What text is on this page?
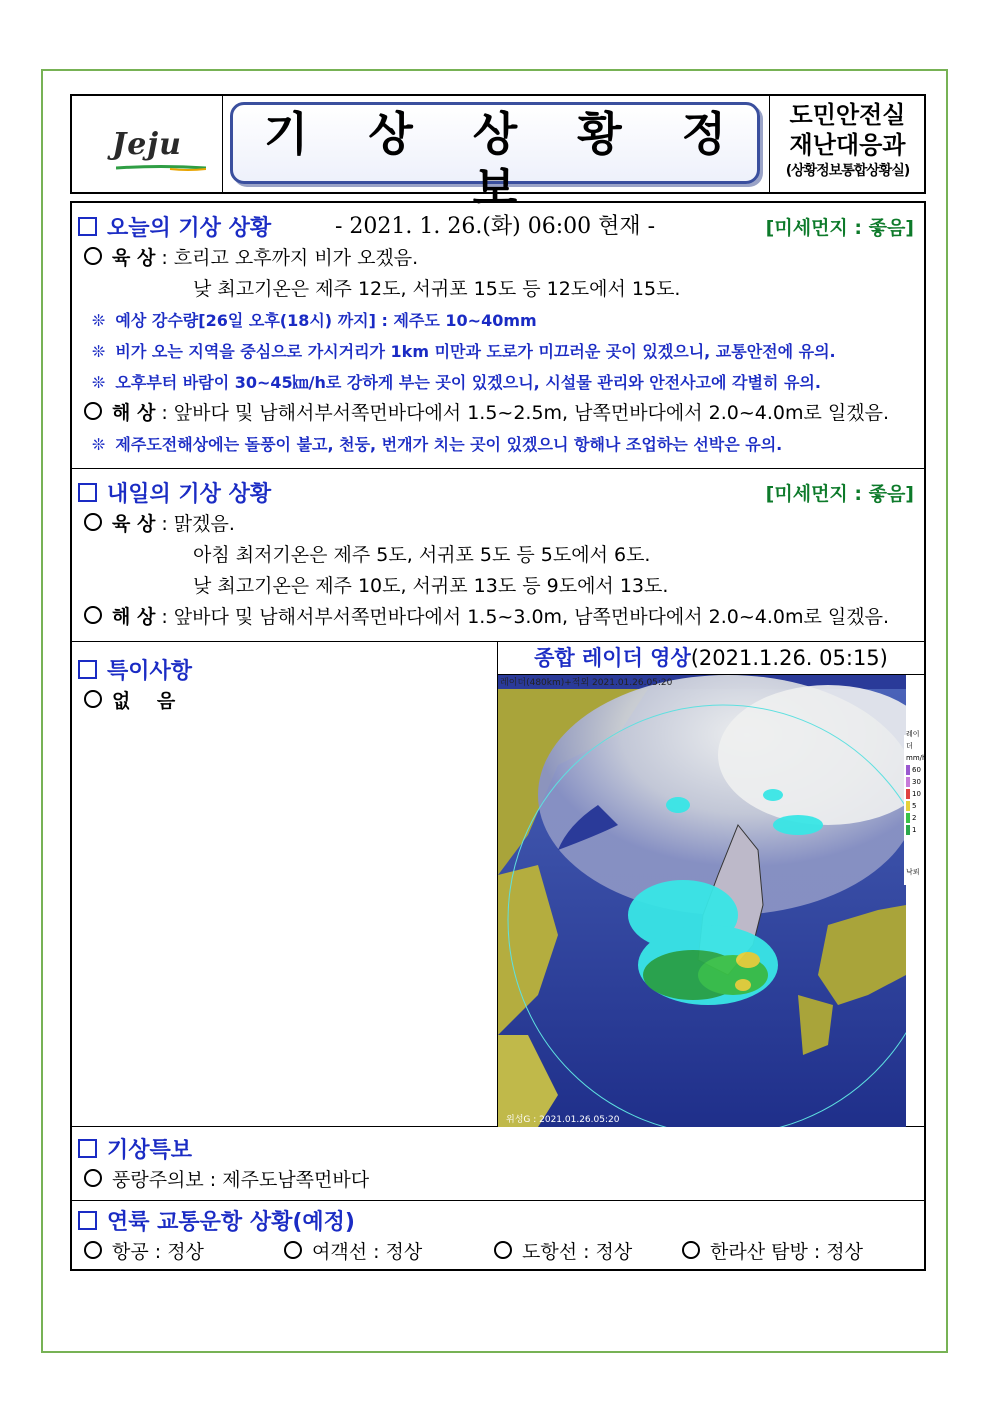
Jeju	기 상 상 황 정 보
- 2021. 1. 26.(화) 06:00 현재 -
도민안전실
재난대응과
(상황정보통합상황실)
오늘의 기상 상황	[미세먼지 : 좋음]
육 상 : 흐리고 오후까지 비가 오겠음.
낮 최고기온은 제주 12도, 서귀포 15도 등 12도에서 15도.
❊ 예상 강수량[26일 오후(18시) 까지] : 제주도 10~40mm
❊ 비가 오는 지역을 중심으로 가시거리가 1km 미만과 도로가 미끄러운 곳이 있겠으니, 교통안전에 유의.
❊ 오후부터 바람이 30~45㎞/h로 강하게 부는 곳이 있겠으니, 시설물 관리와 안전사고에 각별히 유의.
해 상 : 앞바다 및 남해서부서쪽먼바다에서 1.5~2.5m, 남쪽먼바다에서 2.0~4.0m로 일겠음.
❊ 제주도전해상에는 돌풍이 불고, 천둥, 번개가 치는 곳이 있겠으니 항해나 조업하는 선박은 유의.
내일의 기상 상황	[미세먼지 : 좋음]
육 상 : 맑겠음.
아침 최저기온은 제주 5도, 서귀포 5도 등 5도에서 6도.
낮 최고기온은 제주 10도, 서귀포 13도 등 9도에서 13도.
해 상 : 앞바다 및 남해서부서쪽먼바다에서 1.5~3.0m, 남쪽먼바다에서 2.0~4.0m로 일겠음.
특이사항
없    음
종합 레이더 영상(2021.1.26. 05:15)
레이더(480km)+적외 2021.01.26.05:20
위성G : 2021.01.26.05:20
레이더
mm/h
60
30
10
5
2
1
낙뢰
기상특보
풍랑주의보 : 제주도남쪽먼바다
연륙 교통운항 상황(예정)
항공 : 정상	여객선 : 정상	도항선 : 정상	한라산 탐방 : 정상
